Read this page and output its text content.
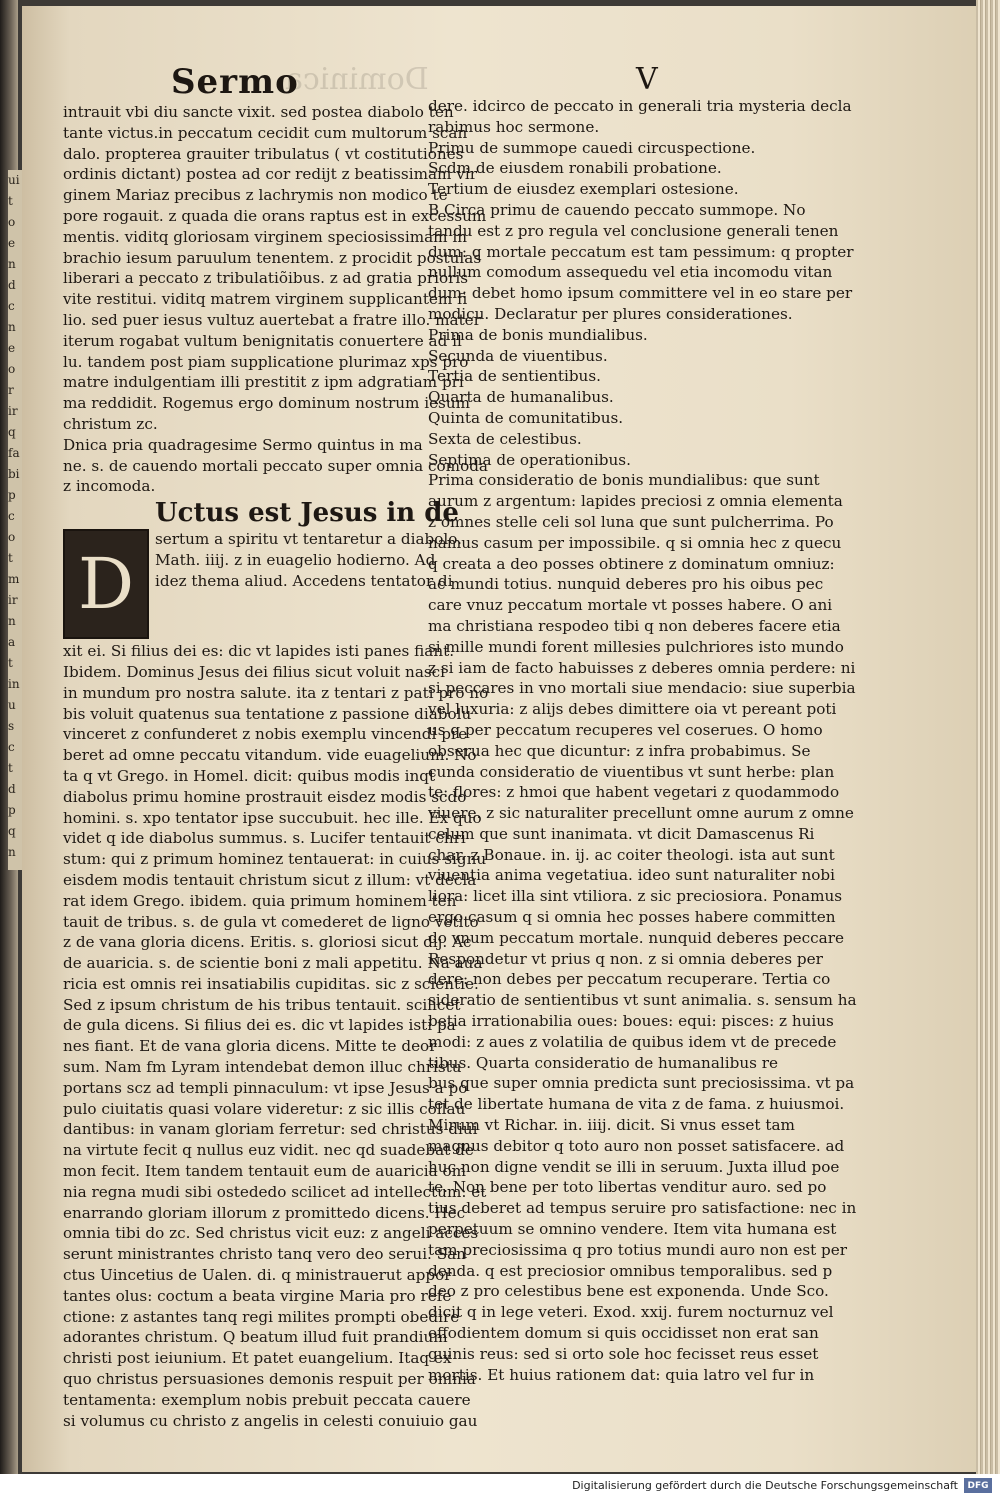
ui
t
o
e
n
d
c
n
e
o
r
ir
q
fa
bi
p
c
o
t
m
ir
n
a
t
in
u
s
c
t
d
p
q
n
Sermo
Dominica	V
intrauit vbi diu sancte vixit. sed postea diabolo ten
tante victus.in peccatum cecidit cum multorum scan
dalo. propterea grauiter tribulatus ( vt costitutiones
ordinis dictant) postea ad cor redijt z beatissimam vir
ginem Mariaz precibus z lachrymis non modico te
pore rogauit. z quada die orans raptus est in excessum
mentis. viditq gloriosam virginem speciosissimam in
brachio iesum paruulum tenentem. z procidit postulas
liberari a peccato z tribulatiõibus. z ad gratia prioris
vite restitui. viditq matrem virginem supplicantem fi
lio. sed puer iesus vultuz auertebat a fratre illo. mater
iterum rogabat vultum benignitatis conuertere ad il
lu. tandem post piam supplicatione plurimaz xps pro
matre indulgentiam illi prestitit z ipm adgratiam pri
ma reddidit. Rogemus ergo dominum nostrum iesum
christum zc.
Dnica pria quadragesime Sermo quintus in ma
ne. s. de cauendo mortali peccato super omnia comoda
z incomoda.
Uctus est Jesus in de
D
sertum a spiritu vt tentaretur a diabolo.
Math. iiij. z in euagelio hodierno. Ad
idez thema aliud. Accedens tentator di
xit ei. Si filius dei es: dic vt lapides isti panes fiant.
Ibidem. Dominus Jesus dei filius sicut voluit nasci
in mundum pro nostra salute. ita z tentari z pati pro no
bis voluit quatenus sua tentatione z passione diabolu
vinceret z confunderet z nobis exemplu vincendi pre
beret ad omne peccatu vitandum. vide euagelium. No
ta q vt Grego. in Homel. dicit: quibus modis inqt
diabolus primu homine prostrauit eisdez modis scdo
homini. s. xpo tentator ipse succubuit. hec ille. Ex quo
videt q ide diabolus summus. s. Lucifer tentauit chri
stum: qui z primum hominez tentauerat: in cuius signu
eisdem modis tentauit christum sicut z illum: vt decla
rat idem Grego. ibidem. quia primum hominem ten
tauit de tribus. s. de gula vt comederet de ligno vetito
z de vana gloria dicens. Eritis. s. gloriosi sicut dij. Ac
de auaricia. s. de scientie boni z mali appetitu. Na aua
ricia est omnis rei insatiabilis cupiditas. sic z scientie.
Sed z ipsum christum de his tribus tentauit. scilicet
de gula dicens. Si filius dei es. dic vt lapides isti pa
nes fiant. Et de vana gloria dicens. Mitte te deor
sum. Nam fm Lyram intendebat demon illuc christu
portans scz ad templi pinnaculum: vt ipse Jesus a po
pulo ciuitatis quasi volare videretur: z sic illis collau
dantibus: in vanam gloriam ferretur: sed christus diui
na virtute fecit q nullus euz vidit. nec qd suadebat de
mon fecit. Item tandem tentauit eum de auaricia om
nia regna mudi sibi ostededo scilicet ad intellectum: et
enarrando gloriam illorum z promittedo dicens. Hec
omnia tibi do zc. Sed christus vicit euz: z angeli acces
serunt ministrantes christo tanq vero deo serui. San
ctus Uincetius de Ualen. di. q ministrauerut appor
tantes olus: coctum a beata virgine Maria pro refe
ctione: z astantes tanq regi milites prompti obedire
adorantes christum. Q beatum illud fuit prandium
christi post ieiunium. Et patet euangelium. Itaq ex
quo christus persuasiones demonis respuit per omnia
tentamenta: exemplum nobis prebuit peccata cauere
si volumus cu christo z angelis in celesti conuiuio gau
dere. idcirco de peccato in generali tria mysteria decla
rabimus hoc sermone.
Primu de summope cauedi circuspectione.
Scdm de eiusdem ronabili probatione.
Tertium de eiusdez exemplari ostesione.
B Circa primu de cauendo peccato summope. No
tandu est z pro regula vel conclusione generali tenen
dum: q mortale peccatum est tam pessimum: q propter
nullum comodum assequedu vel etia incomodu vitan
dum: debet homo ipsum committere vel in eo stare per
modicu. Declaratur per plures considerationes.
Prima de bonis mundialibus.
Secunda de viuentibus.
Tertia de sentientibus.
Quarta de humanalibus.
Quinta de comunitatibus.
Sexta de celestibus.
Septima de operationibus.
Prima consideratio de bonis mundialibus: que sunt
aurum z argentum: lapides preciosi z omnia elementa
z omnes stelle celi sol luna que sunt pulcherrima. Po
namus casum per impossibile. q si omnia hec z quecu
q creata a deo posses obtinere z dominatum omniuz:
ac mundi totius. nunquid deberes pro his oibus pec
care vnuz peccatum mortale vt posses habere. O ani
ma christiana respodeo tibi q non deberes facere etia
si mille mundi forent millesies pulchriores isto mundo
z si iam de facto habuisses z deberes omnia perdere: ni
si peccares in vno mortali siue mendacio: siue superbia
vel luxuria: z alijs debes dimittere oia vt pereant poti
us q per peccatum recuperes vel coserues. O homo
obserua hec que dicuntur: z infra probabimus. Se
cunda consideratio de viuentibus vt sunt herbe: plan
te: flores: z hmoi que habent vegetari z quodammodo
viuere. z sic naturaliter precellunt omne aurum z omne
celum que sunt inanimata. vt dicit Damascenus Ri
char. z Bonaue. in. ij. ac coiter theologi. ista aut sunt
viuentia anima vegetatiua. ideo sunt naturaliter nobi
liora: licet illa sint vtiliora. z sic preciosiora. Ponamus
ergo casum q si omnia hec posses habere committen
do vnum peccatum mortale. nunquid deberes peccare
Respondetur vt prius q non. z si omnia deberes per
dere: non debes per peccatum recuperare. Tertia co
sideratio de sentientibus vt sunt animalia. s. sensum ha
betia irrationabilia oues: boues: equi: pisces: z huius
modi: z aues z volatilia de quibus idem vt de precede
tibus. Quarta consideratio de humanalibus re
bus que super omnia predicta sunt preciosissima. vt pa
tet de libertate humana de vita z de fama. z huiusmoi.
Mirum vt Richar. in. iiij. dicit. Si vnus esset tam
magnus debitor q toto auro non posset satisfacere. ad
huc non digne vendit se illi in seruum. Juxta illud poe
te. Non bene per toto libertas venditur auro. sed po
tius deberet ad tempus seruire pro satisfactione: nec in
perpetuum se omnino vendere. Item vita humana est
tam preciosissima q pro totius mundi auro non est per
denda. q est preciosior omnibus temporalibus. sed p
deo z pro celestibus bene est exponenda. Unde Sco.
dicit q in lege veteri. Exod. xxij. furem nocturnuz vel
effodientem domum si quis occidisset non erat san
guinis reus: sed si orto sole hoc fecisset reus esset
mortis. Et huius rationem dat: quia latro vel fur in
Digitalisierung gefördert durch die Deutsche Forschungsgemeinschaft	DFG
